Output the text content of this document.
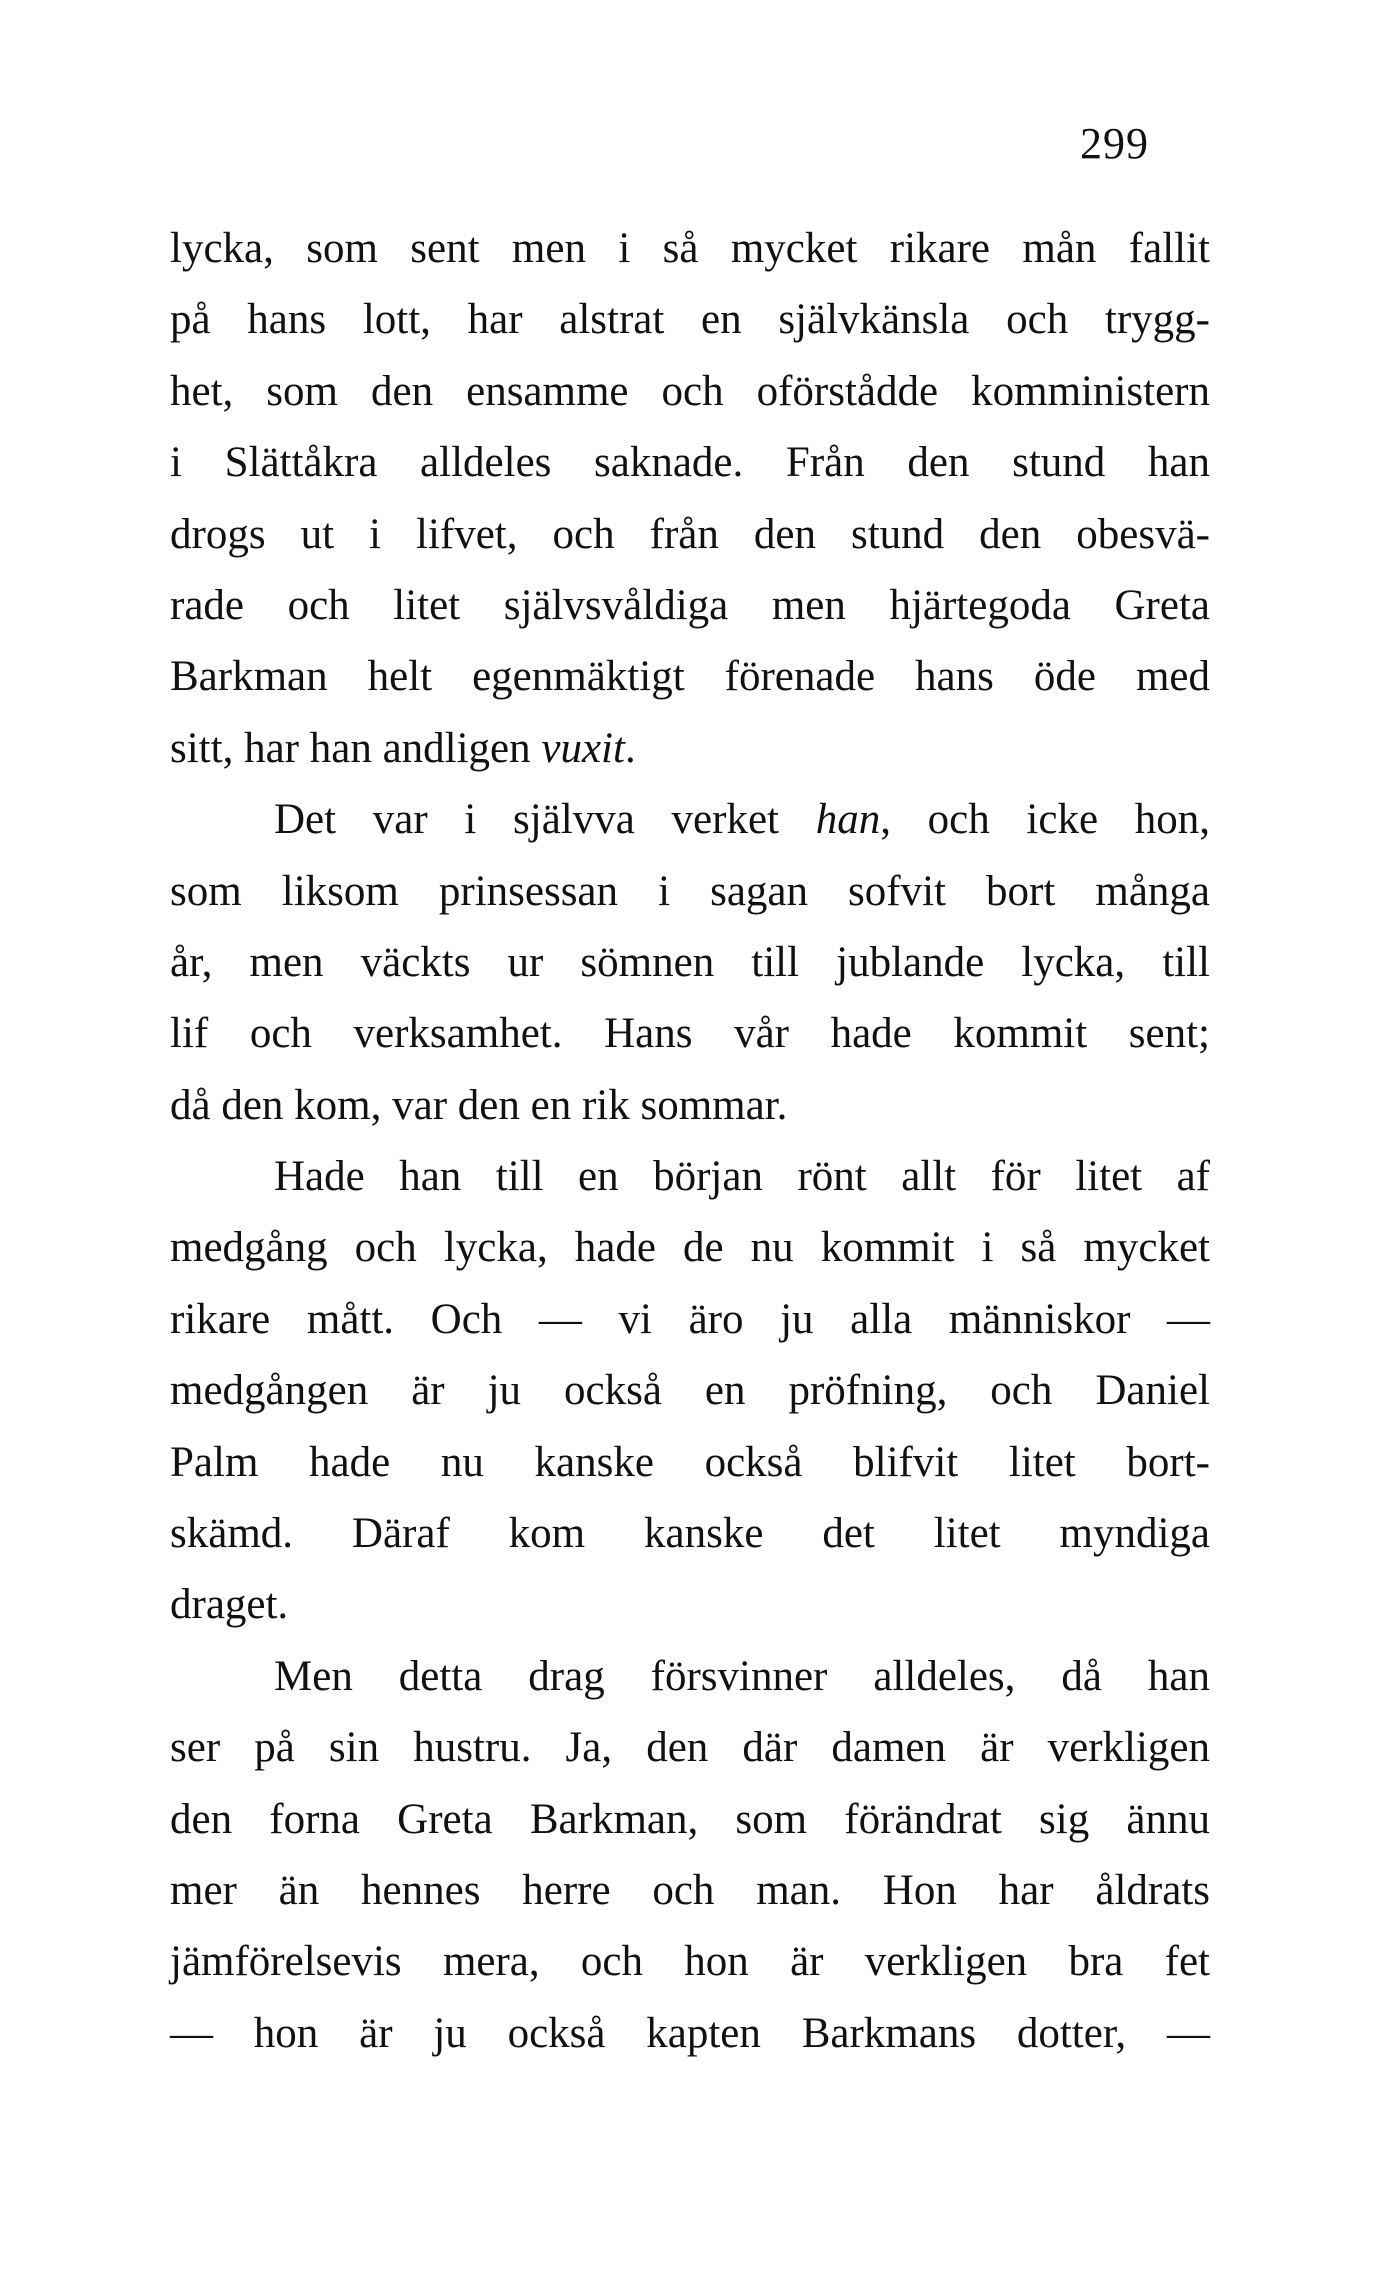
299
lycka, som sent men i så mycket rikare mån fallit
på hans lott, har alstrat en självkänsla och trygg-
het, som den ensamme och oförstådde komministern
i Slättåkra alldeles saknade. Från den stund han
drogs ut i lifvet, och från den stund den obesvä-
rade och litet självsvåldiga men hjärtegoda Greta
Barkman helt egenmäktigt förenade hans öde med
sitt, har han andligen vuxit.
Det var i självva verket han, och icke hon,
som liksom prinsessan i sagan sofvit bort många
år, men väckts ur sömnen till jublande lycka, till
lif och verksamhet. Hans vår hade kommit sent;
då den kom, var den en rik sommar.
Hade han till en början rönt allt för litet af
medgång och lycka, hade de nu kommit i så mycket
rikare mått. Och — vi äro ju alla människor —
medgången är ju också en pröfning, och Daniel
Palm hade nu kanske också blifvit litet bort-
skämd. Däraf kom kanske det litet myndiga
draget.
Men detta drag försvinner alldeles, då han
ser på sin hustru. Ja, den där damen är verkligen
den forna Greta Barkman, som förändrat sig ännu
mer än hennes herre och man. Hon har åldrats
jämförelsevis mera, och hon är verkligen bra fet
— hon är ju också kapten Barkmans dotter, —
